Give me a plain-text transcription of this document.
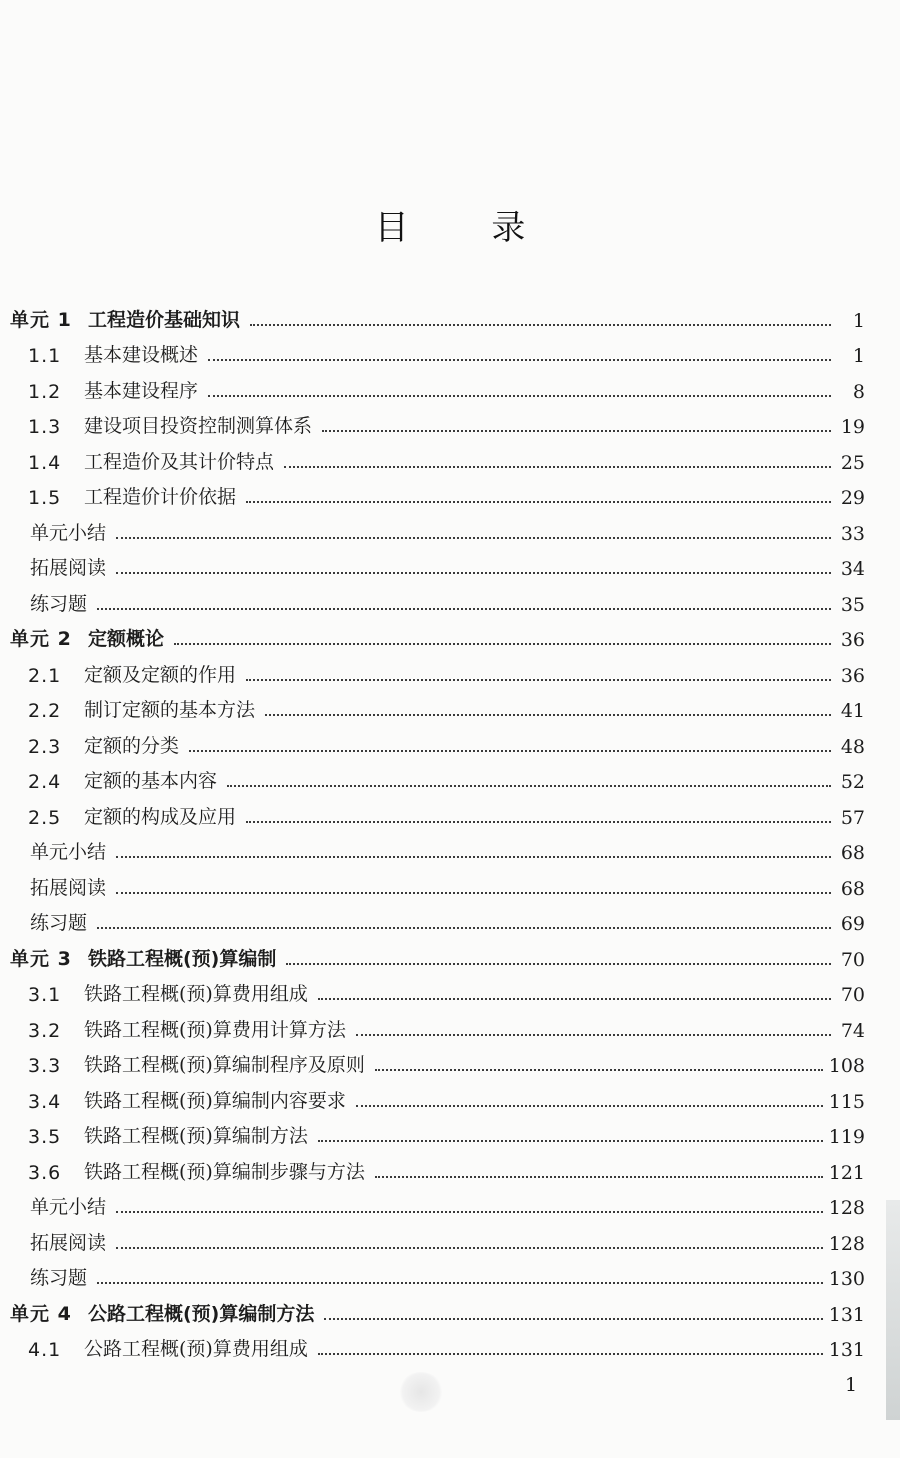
目 录
单元 1 工程造价基础知识	1
1.1	基本建设概述	1
1.2	基本建设程序	8
1.3	建设项目投资控制测算体系	19
1.4	工程造价及其计价特点	25
1.5	工程造价计价依据	29
单元小结	33
拓展阅读	34
练习题	35
单元 2 定额概论	36
2.1	定额及定额的作用	36
2.2	制订定额的基本方法	41
2.3	定额的分类	48
2.4	定额的基本内容	52
2.5	定额的构成及应用	57
单元小结	68
拓展阅读	68
练习题	69
单元 3 铁路工程概(预)算编制	70
3.1	铁路工程概(预)算费用组成	70
3.2	铁路工程概(预)算费用计算方法	74
3.3	铁路工程概(预)算编制程序及原则	108
3.4	铁路工程概(预)算编制内容要求	115
3.5	铁路工程概(预)算编制方法	119
3.6	铁路工程概(预)算编制步骤与方法	121
单元小结	128
拓展阅读	128
练习题	130
单元 4 公路工程概(预)算编制方法	131
4.1	公路工程概(预)算费用组成	131
1
